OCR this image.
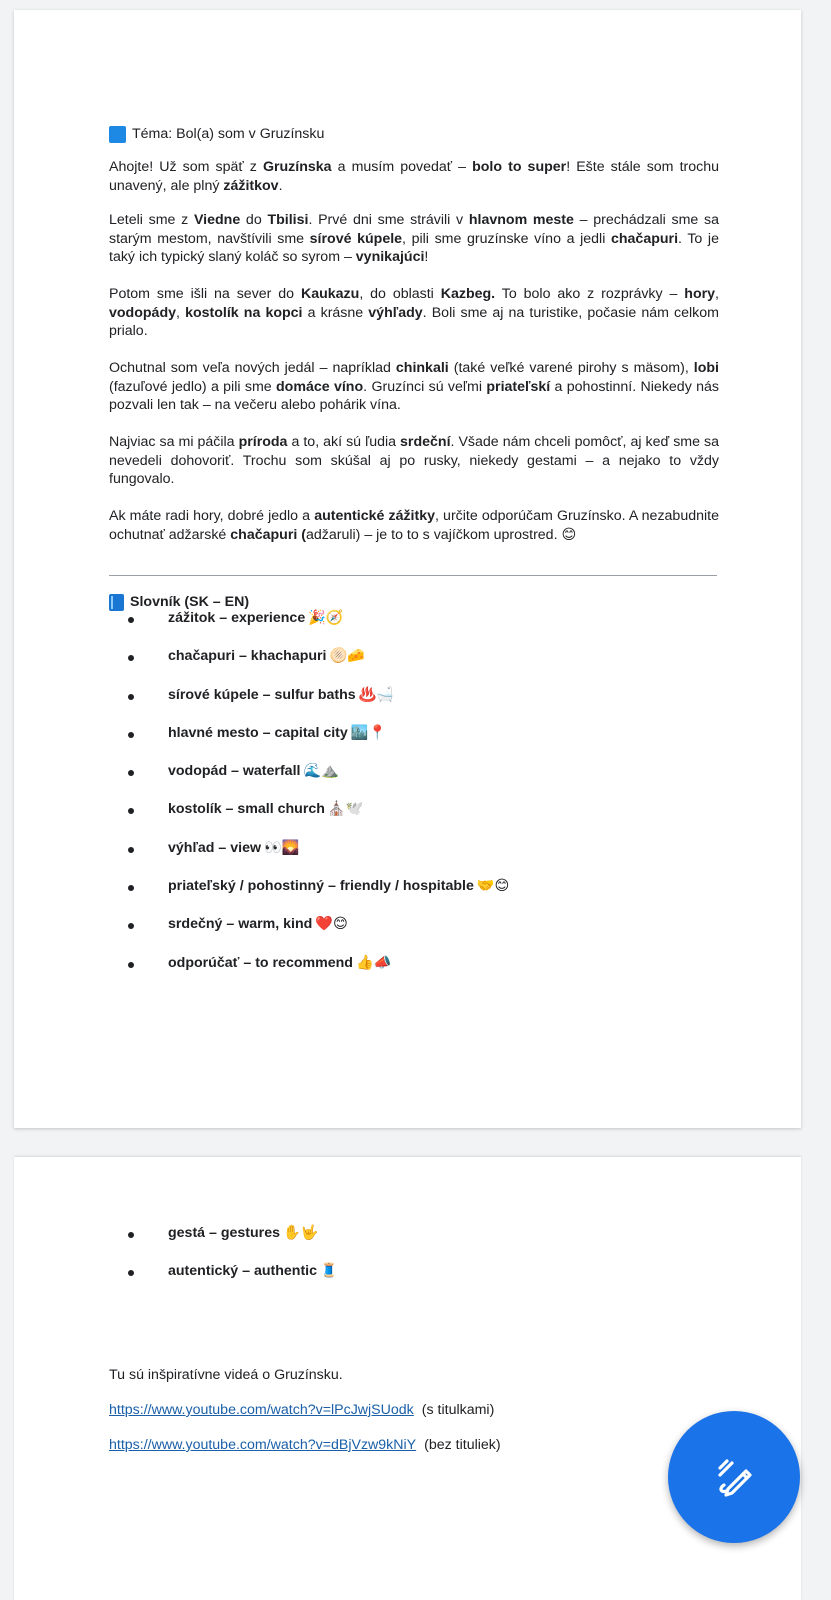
Téma: Bol(a) som v Gruzínsku

Ahojte! Už som späť z Gruzínska a musím povedať – bolo to super! Ešte stále som trochu unavený, ale plný zážitkov.

Leteli sme z Viedne do Tbilisi. Prvé dni sme strávili v hlavnom meste – prechádzali sme sa starým mestom, navštívili sme sírové kúpele, pili sme gruzínske víno a jedli chačapuri. To je taký ich typický slaný koláč so syrom – vynikajúci!

Potom sme išli na sever do Kaukazu, do oblasti Kazbeg. To bolo ako z rozprávky – hory, vodopády, kostolík na kopci a krásne výhľady. Boli sme aj na turistike, počasie nám celkom prialo.

Ochutnal som veľa nových jedál – napríklad chinkali (také veľké varené pirohy s mäsom), lobi (fazuľové jedlo) a pili sme domáce víno. Gruzínci sú veľmi priateľskí a pohostinní. Niekedy nás pozvali len tak – na večeru alebo pohárik vína.

Najviac sa mi páčila príroda a to, akí sú ľudia srdeční. Všade nám chceli pomôcť, aj keď sme sa nevedeli dohovoriť. Trochu som skúšal aj po rusky, niekedy gestami – a nejako to vždy fungovalo.

Ak máte radi hory, dobré jedlo a autentické zážitky, určite odporúčam Gruzínsko. A nezabudnite ochutnať adžarské chačapuri (adžaruli) – je to to s vajíčkom uprostred. 😊

Slovník (SK – EN)
zážitok – experience 🎉🧭
chačapuri – khachapuri 🫓🧀
sírové kúpele – sulfur baths ♨️🛁
hlavné mesto – capital city 🏙️📍
vodopád – waterfall 🌊⛰️
kostolík – small church ⛪🕊️
výhľad – view 👀🌄
priateľský / pohostinný – friendly / hospitable 🤝😊
srdečný – warm, kind ❤️😊
odporúčať – to recommend 👍📣
gestá – gestures ✋🤟
autentický – authentic 🧵
Tu sú inšpiratívne videá o Gruzínsku.
https://www.youtube.com/watch?v=lPcJwjSUodk (s titulkami)
https://www.youtube.com/watch?v=dBjVzw9kNiY (bez tituliek)
